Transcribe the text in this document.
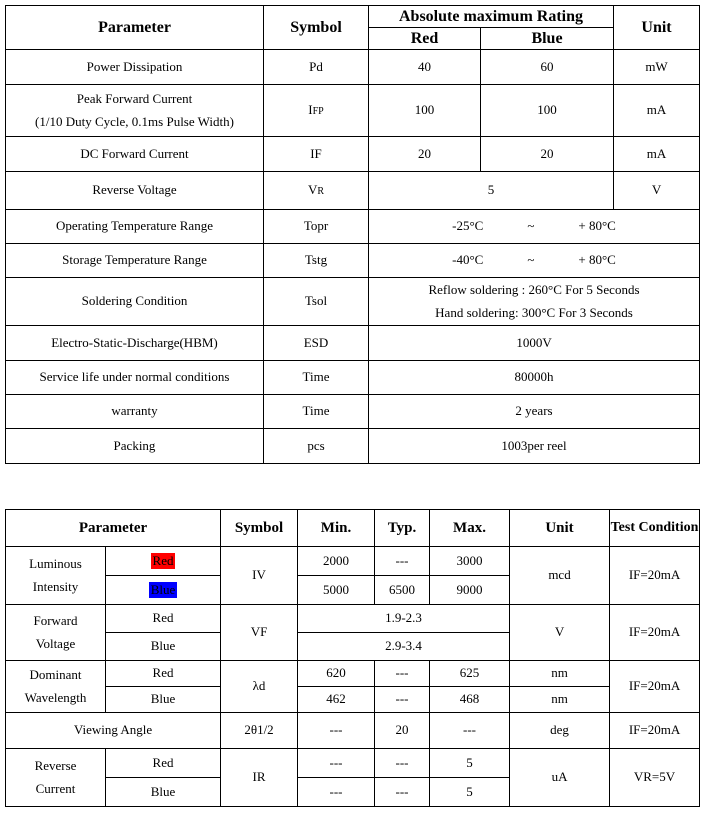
Parameter	Symbol	Absolute maximum Rating		Unit
		Red	Blue	
Power Dissipation	Pd	40	60	mW
Peak Forward Current
(1/10 Duty Cycle, 0.1ms Pulse Width)	IFP	100	100	mA
DC Forward Current	IF	20	20	mA
Reverse Voltage	VR	5		V
Operating Temperature Range	Topr	-25°C ~ + 80°C		
Storage Temperature Range	Tstg	-40°C ~ + 80°C		
Soldering Condition	Tsol	Reflow soldering : 260°C For 5 Seconds
Hand soldering: 300°C For 3 Seconds		
Electro-Static-Discharge(HBM)	ESD	1000V		
Service life under normal conditions	Time	80000h		
warranty	Time	2 years		
Packing	pcs	1003per reel		
Parameter		Symbol	Min.	Typ.	Max.	Unit	Test Condition
Luminous
Intensity	Red	IV	2000	---	3000	mcd	IF=20mA
	Blue		5000	6500	9000		
Forward
Voltage	Red	VF	1.9-2.3			V	IF=20mA
	Blue		2.9-3.4				
Dominant
Wavelength	Red	λd	620	---	625	nm	IF=20mA
	Blue		462	---	468	nm	
Viewing Angle		2θ1/2	---	20	---	deg	IF=20mA
Reverse
Current	Red	IR	---	---	5	uA	VR=5V
	Blue		---	---	5		
